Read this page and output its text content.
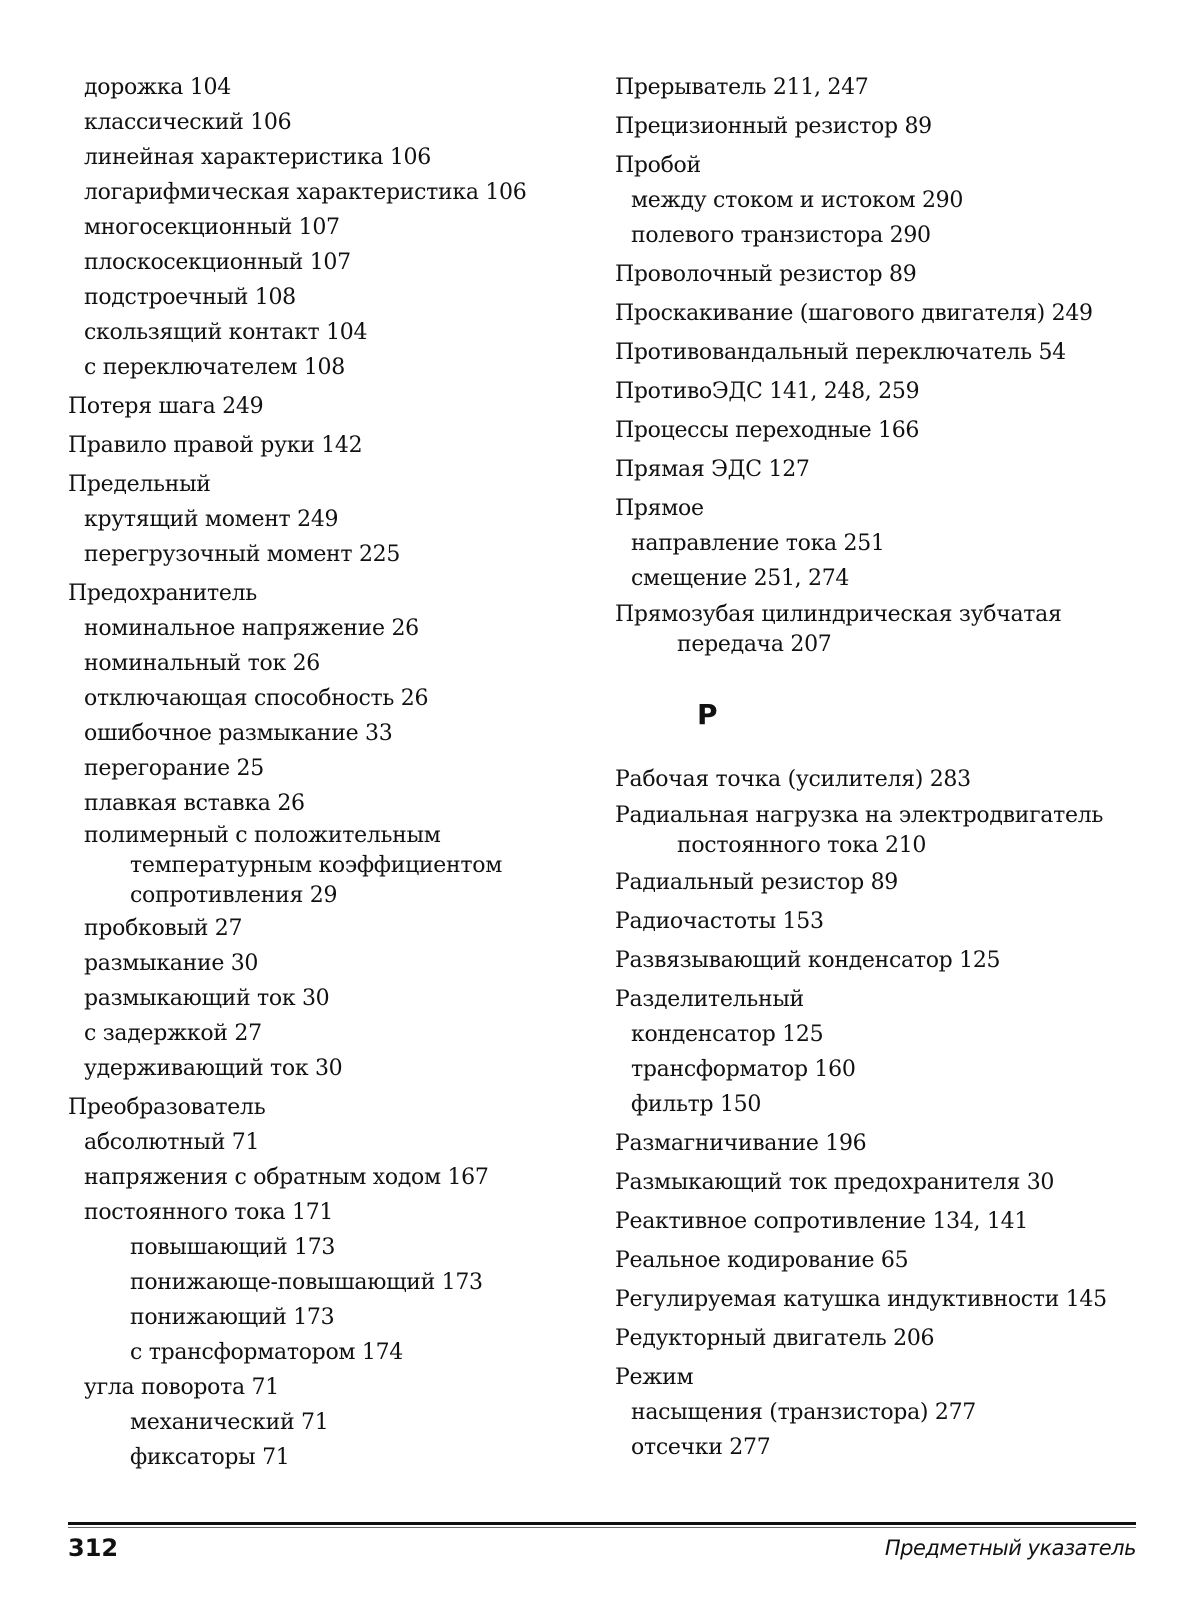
дорожка 104
классический 106
линейная характеристика 106
логарифмическая характеристика 106
многосекционный 107
плоскосекционный 107
подстроечный 108
скользящий контакт 104
с переключателем 108
Потеря шага 249
Правило правой руки 142
Предельный
крутящий момент 249
перегрузочный момент 225
Предохранитель
номинальное напряжение 26
номинальный ток 26
отключающая способность 26
ошибочное размыкание 33
перегорание 25
плавкая вставка 26
полимерный с положительным
температурным коэффициентом
сопротивления 29
пробковый 27
размыкание 30
размыкающий ток 30
с задержкой 27
удерживающий ток 30
Преобразователь
абсолютный 71
напряжения с обратным ходом 167
постоянного тока 171
повышающий 173
понижающе-повышающий 173
понижающий 173
с трансформатором 174
угла поворота 71
механический 71
фиксаторы 71
Прерыватель 211, 247
Прецизионный резистор 89
Пробой
между стоком и истоком 290
полевого транзистора 290
Проволочный резистор 89
Проскакивание (шагового двигателя) 249
Противовандальный переключатель 54
ПротивоЭДС 141, 248, 259
Процессы переходные 166
Прямая ЭДС 127
Прямое
направление тока 251
смещение 251, 274
Прямозубая цилиндрическая зубчатая
передача 207
Р
Рабочая точка (усилителя) 283
Радиальная нагрузка на электродвигатель
постоянного тока 210
Радиальный резистор 89
Радиочастоты 153
Развязывающий конденсатор 125
Разделительный
конденсатор 125
трансформатор 160
фильтр 150
Размагничивание 196
Размыкающий ток предохранителя 30
Реактивное сопротивление 134, 141
Реальное кодирование 65
Регулируемая катушка индуктивности 145
Редукторный двигатель 206
Режим
насыщения (транзистора) 277
отсечки 277
312	Предметный указатель
